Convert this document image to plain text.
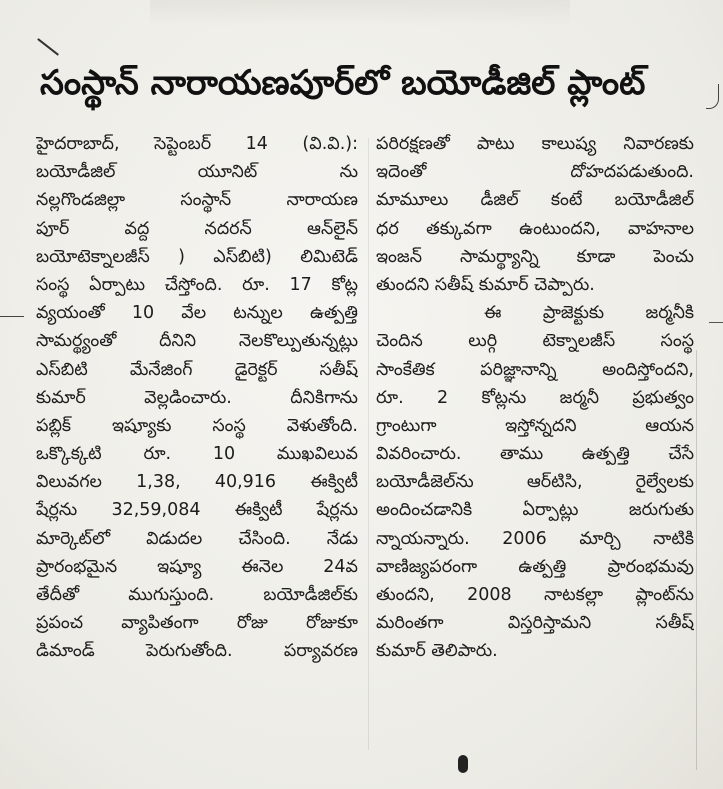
సంస్థాన్ నారాయణపూర్‌లో బయోడీజిల్ ప్లాంట్
హైదరాబాద్, సెప్టెంబర్ 14 (వి.వి.):
బయోడీజిల్ యూనిట్ ను
నల్లగొండజిల్లా సంస్థాన్ నారాయణ
పూర్ వద్ద నదరన్ ఆన్‌లైన్
బయోటెక్నాలజీస్ ) ఎస్‌బిటి) లిమిటెడ్
సంస్థ ఏర్పాటు చేస్తోంది. రూ. 17 కోట్ల
వ్యయంతో 10 వేల టన్నుల ఉత్పత్తి
సామర్థ్యంతో దీనిని నెలకొల్పుతున్నట్లు
ఎస్‌బిటి మేనేజింగ్ డైరెక్టర్ సతీష్
కుమార్ వెల్లడించారు. దీనికిగాను
పబ్లిక్ ఇష్యూకు సంస్థ వెళుతోంది.
ఒక్కొక్కటి రూ. 10 ముఖవిలువ
విలువగల 1,38, 40,916 ఈక్విటీ
షేర్లను 32,59,084 ఈక్విటీ షేర్లను
మార్కెట్‌లో విడుదల చేసింది. నేడు
ప్రారంభమైన ఇష్యూ ఈనెల 24వ
తేదీతో ముగుస్తుంది. బయోడీజిల్‌కు
ప్రపంచ వ్యాపితంగా రోజు రోజుకూ
డిమాండ్ పెరుగుతోంది. పర్యావరణ
పరిరక్షణతో పాటు కాలుష్య నివారణకు
ఇదెంతో దోహదపడుతుంది.
మామూలు డీజిల్ కంటే బయోడీజిల్
ధర తక్కువగా ఉంటుందని, వాహనాల
ఇంజన్ సామర్థ్యాన్ని కూడా పెంచు
తుందని సతీష్ కుమార్ చెప్పారు.
ఈ ప్రాజెక్టుకు జర్మనీకి
చెందిన లుర్గి టెక్నాలజీస్ సంస్థ
సాంకేతిక పరిజ్ఞానాన్ని అందిస్తోందని,
రూ. 2 కోట్లను జర్మనీ ప్రభుత్వం
గ్రాంటుగా ఇస్తోన్నదని ఆయన
వివరించారు. తాము ఉత్పత్తి చేసే
బయోడీజెల్‌ను ఆర్‌టిసి, రైల్వేలకు
అందించడానికి ఏర్పాట్లు జరుగుతు
న్నాయన్నారు. 2006 మార్చి నాటికి
వాణిజ్యపరంగా ఉత్పత్తి ప్రారంభమవు
తుందని, 2008 నాటకల్లా ప్లాంట్‌ను
మరింతగా విస్తరిస్తామని సతీష్
కుమార్ తెలిపారు.
